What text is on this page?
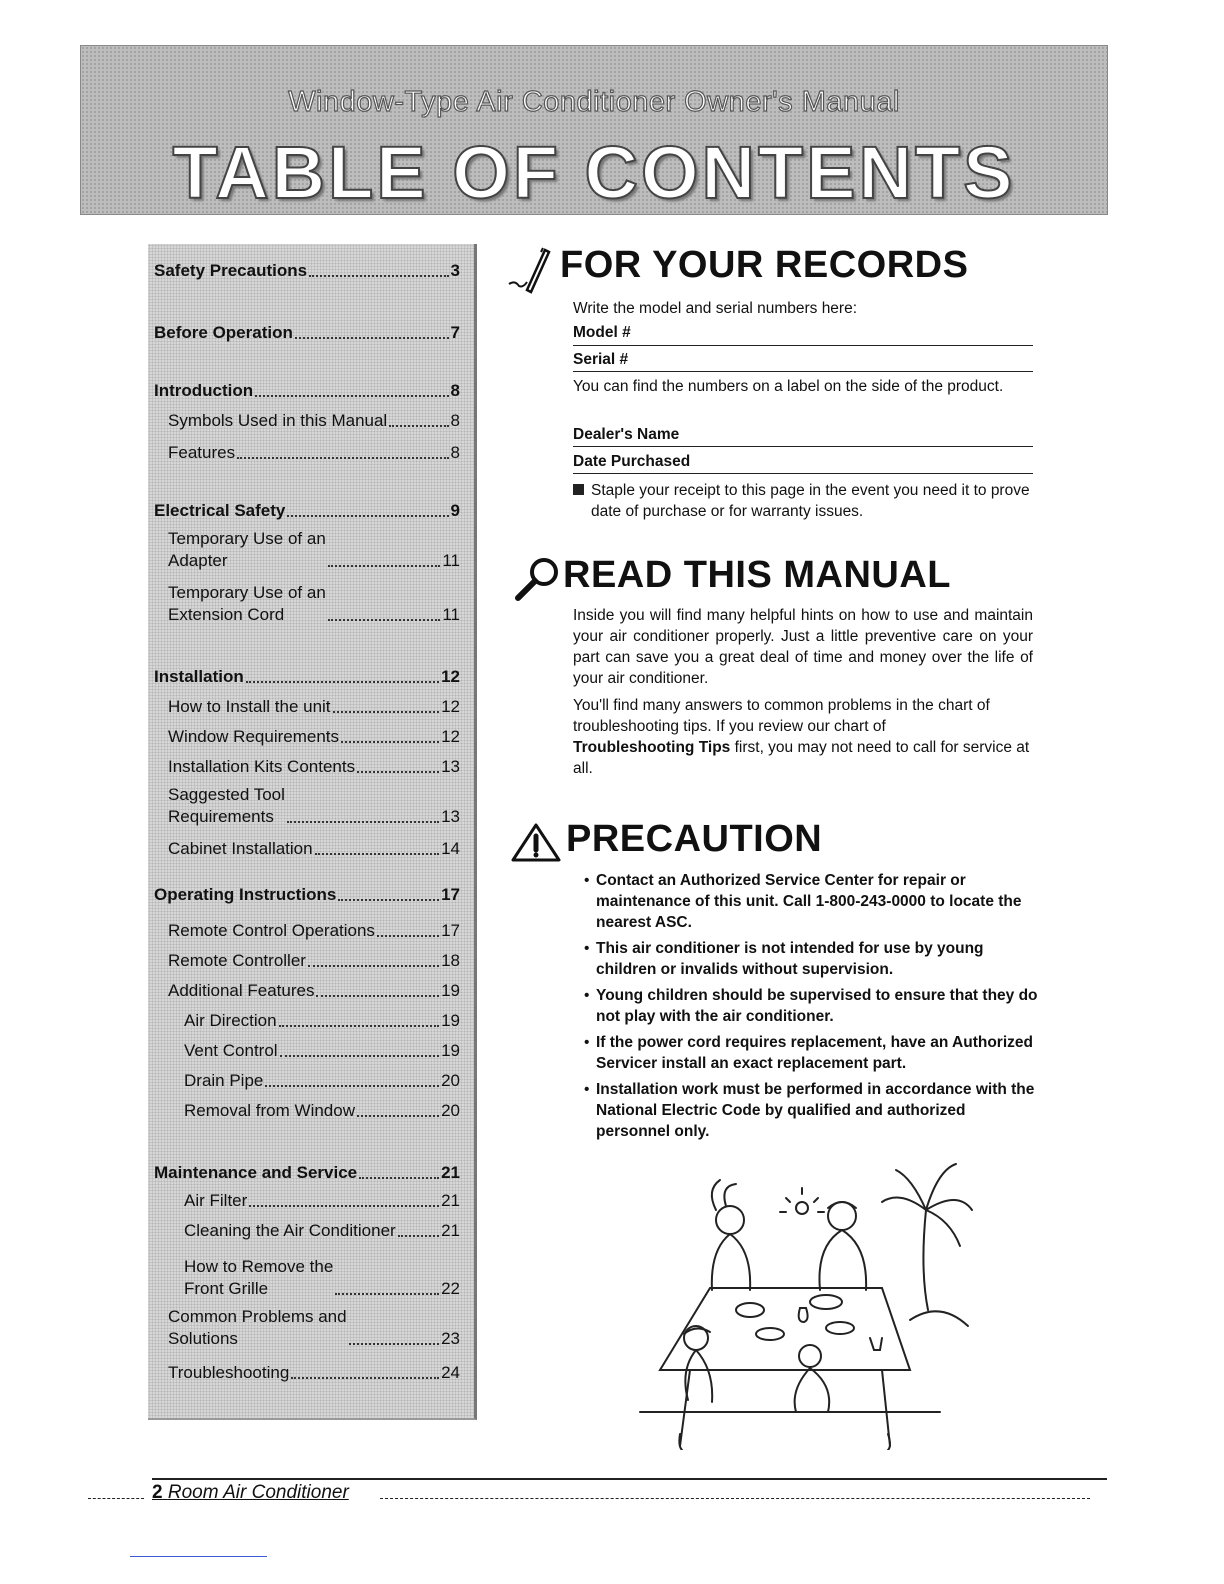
Window-Type Air Conditioner Owner's Manual
TABLE OF CONTENTS
Safety Precautions	3
Before Operation	7
Introduction	8
Symbols Used in this Manual	8
Features	8
Electrical Safety	9
Temporary Use of an
Adapter	11
Temporary Use of an
Extension Cord	11
Installation	12
How to Install the unit	12
Window Requirements	12
Installation Kits Contents	13
Saggested Tool
Requirements	13
Cabinet Installation	14
Operating Instructions	17
Remote Control Operations	17
Remote Controller	18
Additional Features	19
Air Direction	19
Vent Control	19
Drain Pipe	20
Removal from Window	20
Maintenance and Service	21
Air Filter	21
Cleaning the Air Conditioner	21
How to Remove the
Front Grille	22
Common Problems and
Solutions	23
Troubleshooting	24
FOR YOUR RECORDS
Write the model and serial numbers here:
Model #
Serial #
You can find the numbers on a label on the side of the product.
Dealer's Name
Date Purchased
Staple your receipt to this page in the event you need it to prove date of purchase or for warranty issues.
READ THIS MANUAL
Inside you will find many helpful hints on how to use and maintain your air conditioner properly. Just a little preventive care on your part can save you a great deal of time and money over the life of your air conditioner.
You'll find many answers to common problems in the chart of troubleshooting tips. If you review our chart of
Troubleshooting Tips first, you may not need to call for service at all.
PRECAUTION
• Contact an Authorized Service Center for repair or maintenance of this unit. Call 1-800-243-0000 to locate the nearest ASC.
• This air conditioner is not intended for use by young children or invalids without supervision.
• Young children should be supervised to ensure that they do not play with the air conditioner.
• If the power cord requires replacement, have an Authorized Servicer install an exact replacement part.
• Installation work must be performed in accordance with the National Electric Code by qualified and authorized personnel only.
2 Room Air Conditioner
